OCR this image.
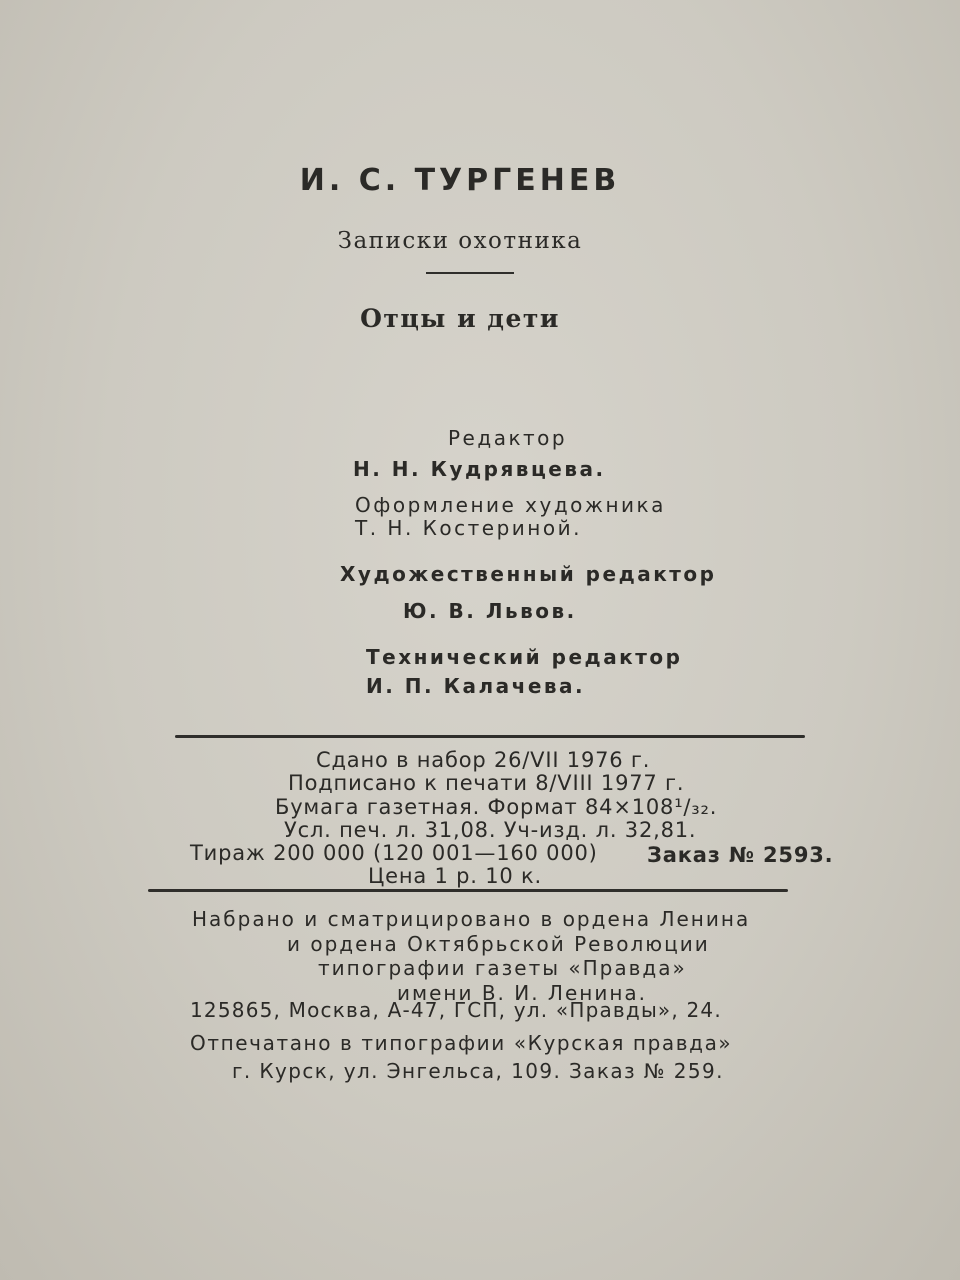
И. С. ТУРГЕНЕВ
Записки охотника
Отцы и дети
Редактор
Н. Н. Кудрявцева.
Оформление художника
Т. Н. Костериной.
Художественный редактор
Ю. В. Львов.
Технический редактор
И. П. Калачева.
Сдано в набор 26/VII 1976 г.
Подписано к печати 8/VIII 1977 г.
Бумага газетная. Формат 84×108¹/₃₂.
Усл. печ. л. 31,08. Уч-изд. л. 32,81.
Тираж 200 000 (120 001—160 000) Заказ № 2593.
Цена 1 р. 10 к.
Набрано и сматрицировано в ордена Ленина
и ордена Октябрьской Революции
типографии газеты «Правда»
имени В. И. Ленина.
125865, Москва, А-47, ГСП, ул. «Правды», 24.
Отпечатано в типографии «Курская правда»
г. Курск, ул. Энгельса, 109. Заказ № 259.
